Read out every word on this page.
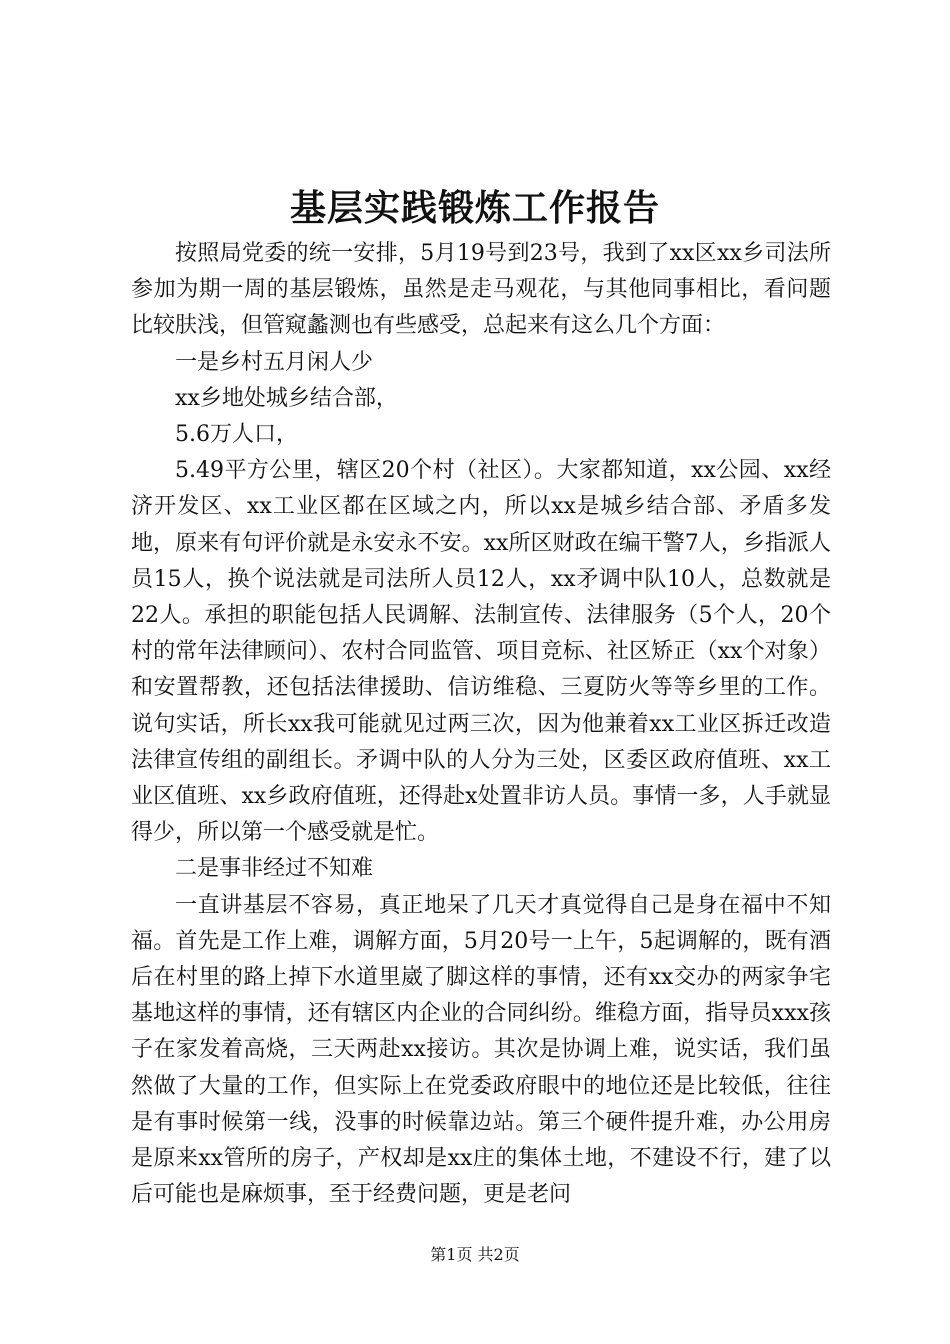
基层实践锻炼工作报告

按照局党委的统一安排，5月19号到23号，我到了xx区xx乡司法所参加为期一周的基层锻炼，虽然是走马观花，与其他同事相比，看问题比较肤浅，但管窥蠡测也有些感受，总起来有这么几个方面：

一是乡村五月闲人少

xx乡地处城乡结合部，

5.6万人口，

5.49平方公里，辖区20个村（社区）。大家都知道，xx公园、xx经济开发区、xx工业区都在区域之内，所以xx是城乡结合部、矛盾多发地，原来有句评价就是永安永不安。xx所区财政在编干警7人，乡指派人员15人，换个说法就是司法所人员12人，xx矛调中队10人，总数就是22人。承担的职能包括人民调解、法制宣传、法律服务（5个人，20个村的常年法律顾问）、农村合同监管、项目竞标、社区矫正（xx个对象）和安置帮教，还包括法律援助、信访维稳、三夏防火等等乡里的工作。说句实话，所长xx我可能就见过两三次，因为他兼着xx工业区拆迁改造法律宣传组的副组长。矛调中队的人分为三处，区委区政府值班、xx工业区值班、xx乡政府值班，还得赴x处置非访人员。事情一多，人手就显得少，所以第一个感受就是忙。

二是事非经过不知难

一直讲基层不容易，真正地呆了几天才真觉得自己是身在福中不知福。首先是工作上难，调解方面，5月20号一上午，5起调解的，既有酒后在村里的路上掉下水道里崴了脚这样的事情，还有xx交办的两家争宅基地这样的事情，还有辖区内企业的合同纠纷。维稳方面，指导员xxx孩子在家发着高烧，三天两赴xx接访。其次是协调上难，说实话，我们虽然做了大量的工作，但实际上在党委政府眼中的地位还是比较低，往往是有事时候第一线，没事的时候靠边站。第三个硬件提升难，办公用房是原来xx管所的房子，产权却是xx庄的集体土地，不建设不行，建了以后可能也是麻烦事，至于经费问题，更是老问

第1页 共2页
